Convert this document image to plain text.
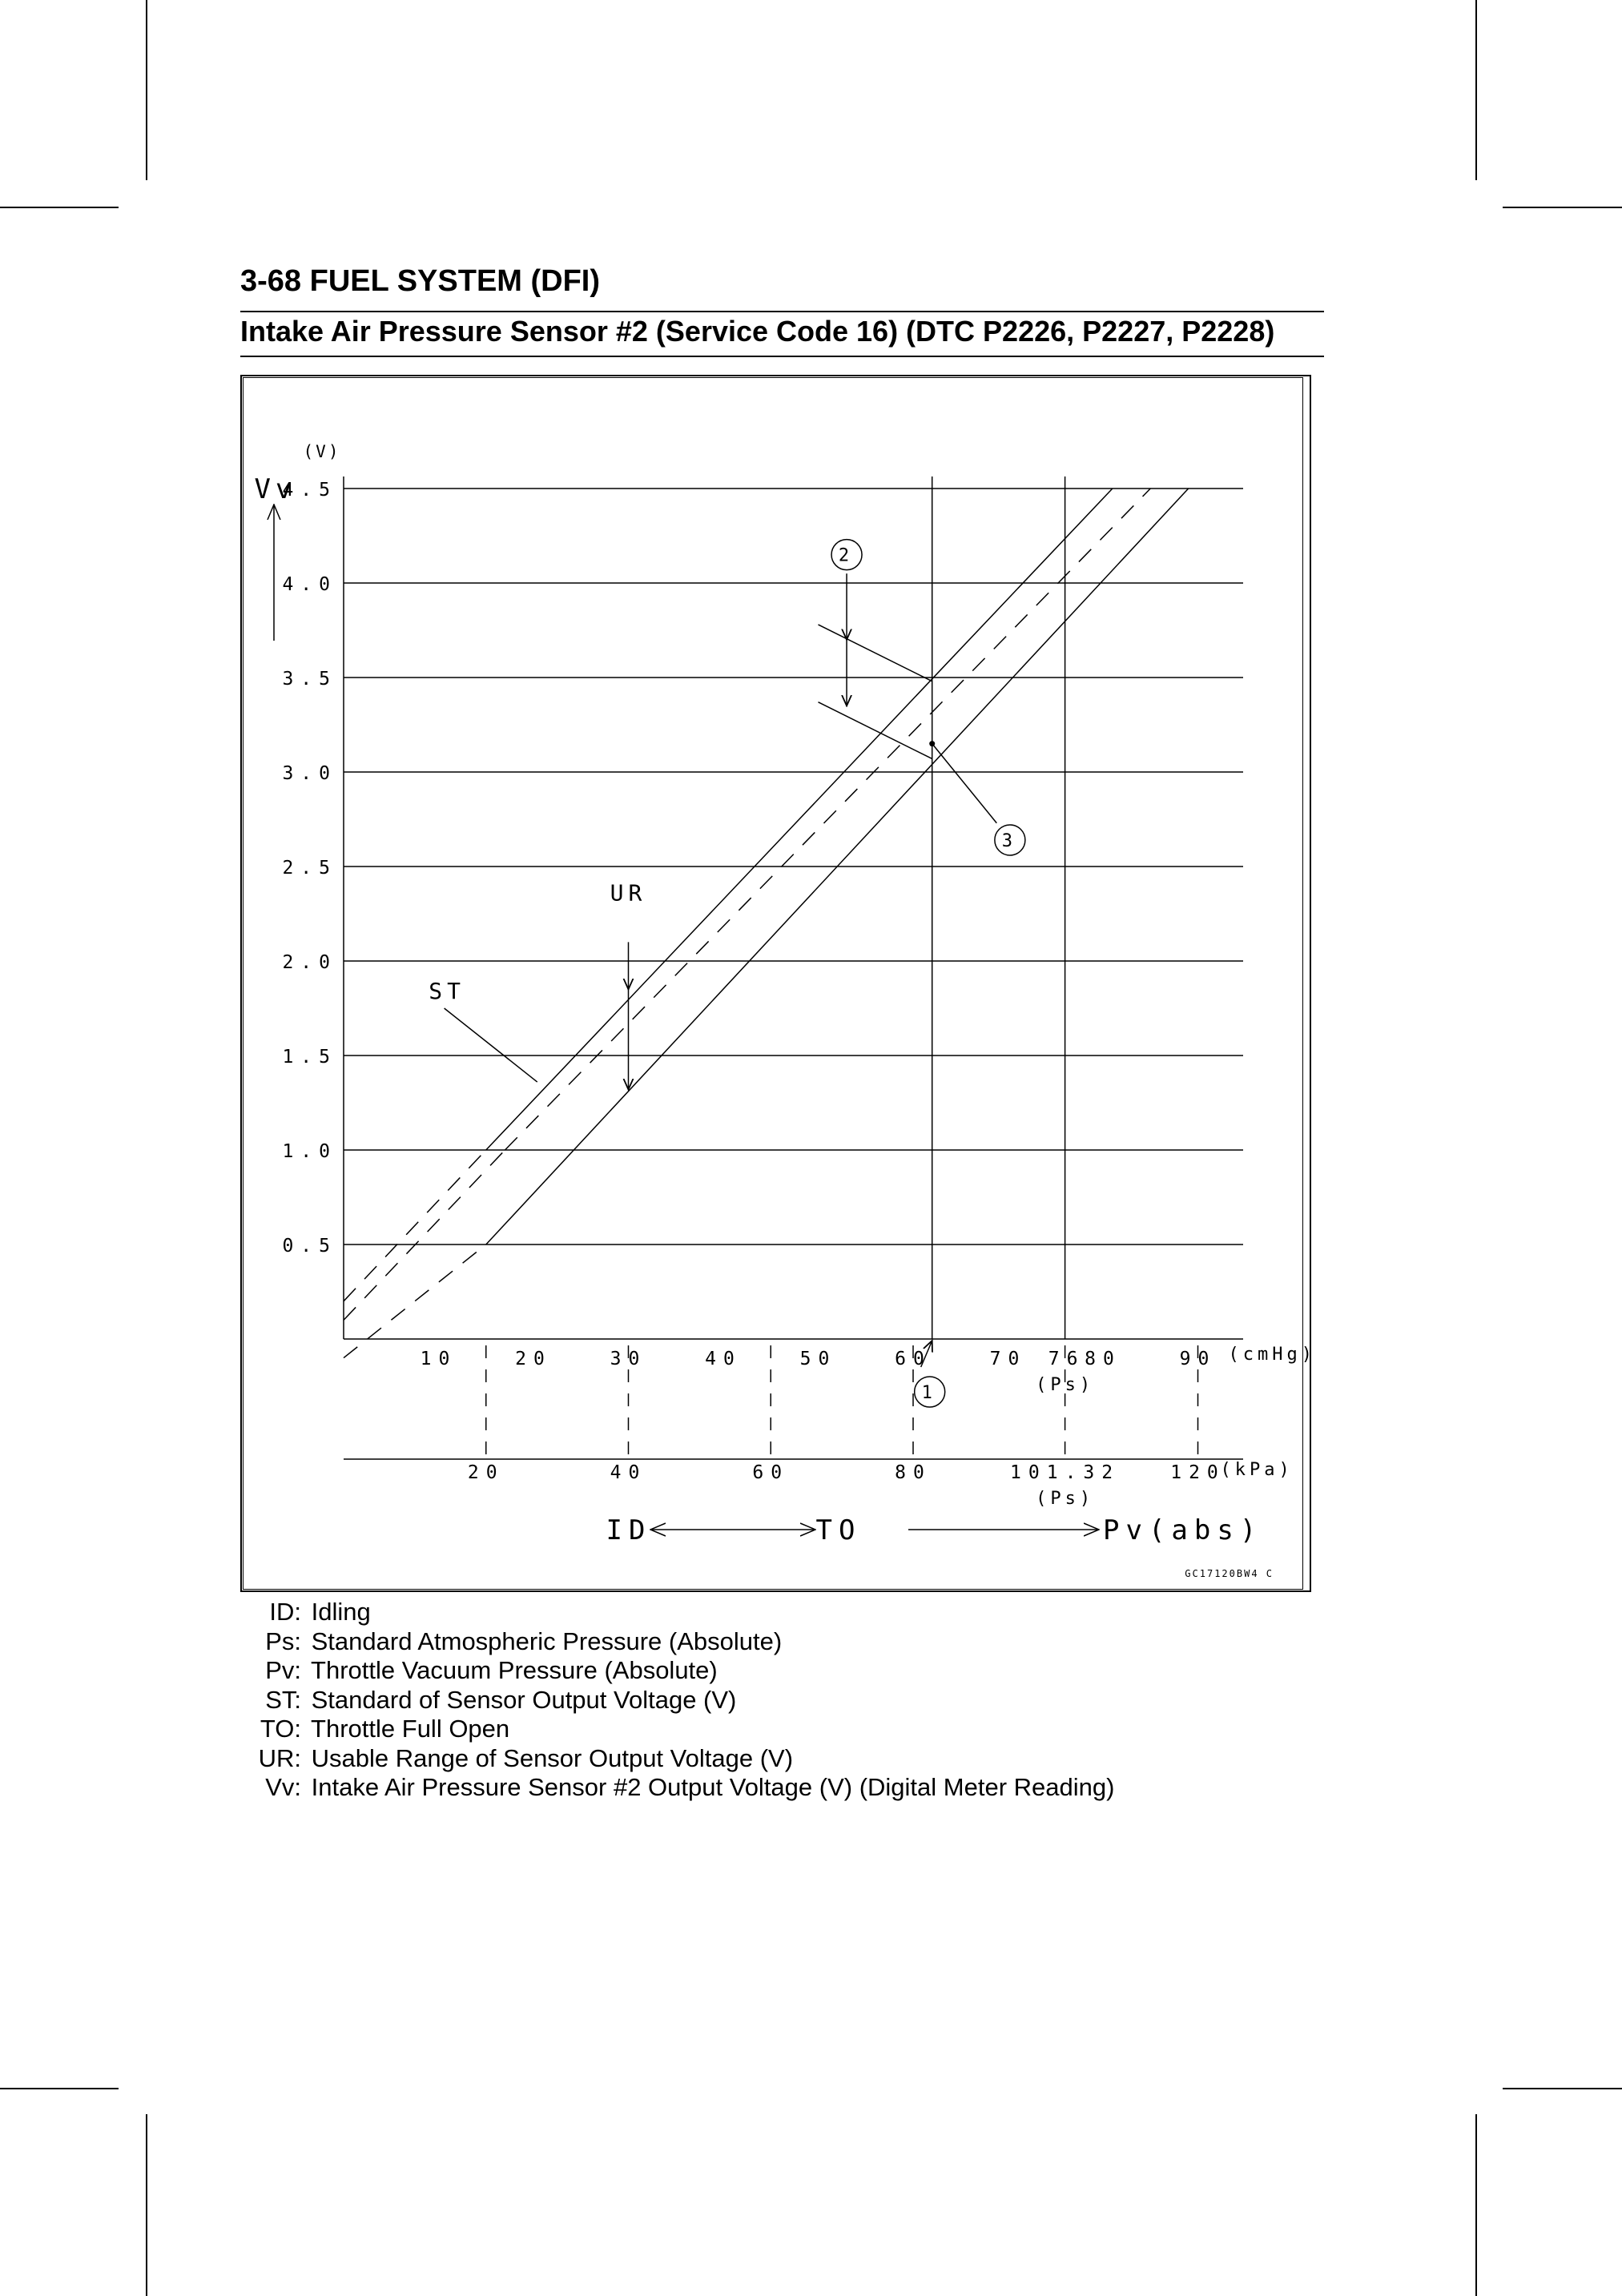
3-68 FUEL SYSTEM (DFI)
Intake Air Pressure Sensor #2 (Service Code 16) (DTC P2226, P2227, P2228)
0.5
1.0
1.5
2.0
2.5
3.0
3.5
4.0
4.5
(V)
Vv
10	20	30	40	50	60	70	80	90
76	(cmHg)
(Ps)
20	40	60	80	101.32	120
(kPa)
(Ps)
UR
ST
2
3
1
ID	TO	Pv(abs)
GC17120BW4 C
ID: Idling
Ps: Standard Atmospheric Pressure (Absolute)
Pv: Throttle Vacuum Pressure (Absolute)
ST: Standard of Sensor Output Voltage (V)
TO: Throttle Full Open
UR: Usable Range of Sensor Output Voltage (V)
Vv: Intake Air Pressure Sensor #2 Output Voltage (V) (Digital Meter Reading)
